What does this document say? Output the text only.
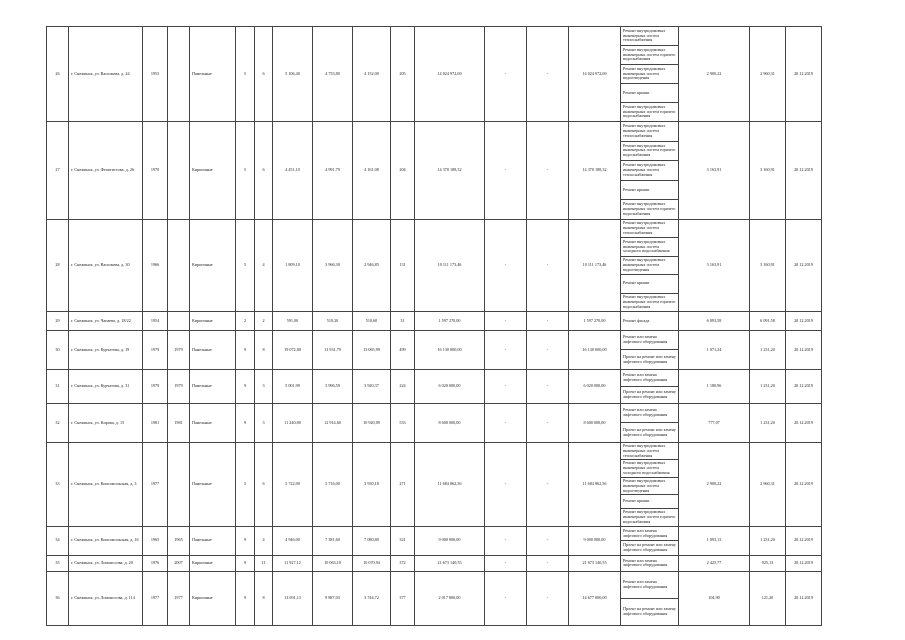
26	г. Снежинск, ул. Васильева, д. 24	1953		Панельные	5	6	5 106,40	4 753,80	4 152,00	205	14 024 972,69	-	-	14 024 972,69	Ремонт внутридомовых инженерных систем теплоснабжения	2 900,22	2 960,31	20.12.2019
															Ремонт внутридомовых инженерных систем горячего водоснабжения			
															Ремонт внутридомовых инженерных систем водоотведения			
															Ремонт крыши			
															Ремонт внутридомовых инженерных систем горячего водоснабжения			
27	г. Снежинск, ул. Феоктистова, д. 26	1970		Кирпичные	5	6	4 451,10	4 991,79	4 161,08	204	14 370 188,32	-	-	14 370 188,32	Ремонт внутридомовых инженерных систем теплоснабжения	3 163,91	3 160,91	20.12.2019
															Ремонт внутридомовых инженерных систем горячего водоснабжения			
															Ремонт внутридомовых инженерных систем теплоснабжения			
															Ремонт крыши			
															Ремонт внутридомовых инженерных систем горячего водоснабжения			
28	г. Снежинск, ул. Васильева, д. 30	1966		Кирпичные	5	4	1 809,10	3 966,30	2 946,85	131	10 111 173,46	-	-	10 111 173,46	Ремонт внутридомовых инженерных систем теплоснабжения	3 163,91	3 160,91	20.12.2019
															Ремонт внутридомовых инженерных систем холодного водоснабжения			
															Ремонт внутридомовых инженерных систем водоотведения			
															Ремонт крыши			
															Ремонт внутридомовых инженерных систем горячего водоснабжения			
29	г. Снежинск, ул. Чапаева, д. 18/22	1954		Кирпичные	2	2	591,00	510,20	510,60	31	1 597 270,00	-	-	1 597 270,00	Ремонт фасада	6 093,58	6 091,58	20.12.2019
30	г. Снежинск, ул. Курчатова, д. 19	1979	1979	Панельные	9	8	19 072,00	13 931,79	13 065,99	499	16 130 000,00	-	-	16 130 000,00	Ремонт или замена лифтового оборудования	1 071,24	1 231,20	20.12.2019
															Проект на ремонт или замену лифтового оборудования			
31	г. Снежинск, ул. Курчатова, д. 31	1979	1979	Панельные	9	3	5 001,99	3 996,59	3 920,37	224	6 020 000,00	-	-	6 020 000,00	Ремонт или замена лифтового оборудования	1 180,96	1 231,20	20.12.2019
															Проект на ремонт или замену лифтового оборудования			
32	г. Снежинск, ул. Кирова, д. 15	1981	1981	Панельные	9	3	11 240,80	12 914,60	10 920,09	533	8 600 000,00	-	-	8 600 000,00	Ремонт или замена лифтового оборудования	777,07	1 231,20	20.12.2019
															Проект на ремонт или замену лифтового оборудования			
33	г. Снежинск, ул. Комсомольская, д. 3	1977		Панельные	5	6	3 722,90	3 716,00	3 930,18	271	11 684 862,56	-	-	11 684 862,56	Ремонт внутридомовых инженерных систем теплоснабжения	2 900,22	2 960,31	20.12.2019
															Ремонт внутридомовых инженерных систем холодного водоснабжения			
															Ремонт внутридомовых инженерных систем водоотведения			
															Ремонт крыши			
															Ремонт внутридомовых инженерных систем горячего водоснабжения			
34	г. Снежинск, ул. Комсомольская, д. 16	1965	1965	Панельные	9	4	4 946,00	7 381,60	7 080,80	321	9 000 000,00	-	-	9 000 000,00	Ремонт или замена лифтового оборудования	1 093,13	1 231,20	20.12.2019
															Проект на ремонт или замену лифтового оборудования			
35	г. Снежинск, ул. Ломоносова, д. 20	1976	2007	Кирпичные	9	11	11 927,12	10 063,10	10 070,94	372	21 673 140,55	-	-	21 673 140,55	Ремонт или замена лифтового оборудования	2 425,77	925,13	20.12.2019
36	г. Снежинск, ул. Ломоносова, д. 114	1977	1977	Кирпичные	9	8	13 691,13	9 887,03	3 744,72	377	2 017 800,00	-	-	14 677 000,00	Ремонт или замена лифтового оборудования	104,90	121,20	20.12.2019
															Проект на ремонт или замену лифтового оборудования			
